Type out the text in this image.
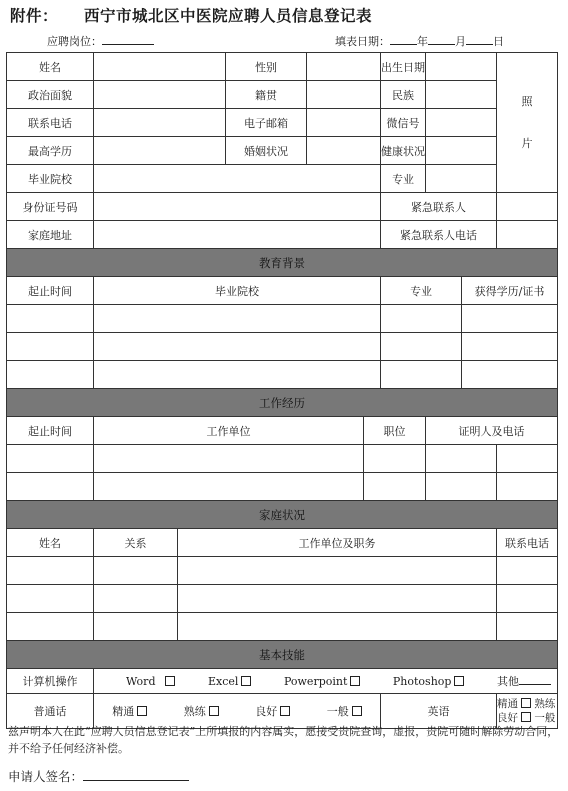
附件： 西宁市城北区中医院应聘人员信息登记表
应聘岗位：	填表日期： 年 月 日
姓名			性别			出生日期			照
片

政治面貌			籍贯			民族			
联系电话			电子邮箱			微信号			
最高学历			婚姻状况			健康状况			
毕业院校						专业			
身份证号码						紧急联系人			
家庭地址						紧急联系人电话			
教育背景									
起止时间	毕业院校					专业		获得学历/证书	

工作经历									
起止时间	工作单位				职位		证明人及电话		

家庭状况									
姓名	关系	工作单位及职务							联系电话

基本技能									
计算机操作	Word Excel Powerpoint Photoshop 其他								

普通话	精通 熟练 良好 一般					英语			精通 熟练
良好 一般
兹声明本人在此“应聘人员信息登记表”上所填报的内容属实，愿接受贵院查询，虚报，贵院可随时解除劳动合同，并不给予任何经济补偿。
申请人签名：
